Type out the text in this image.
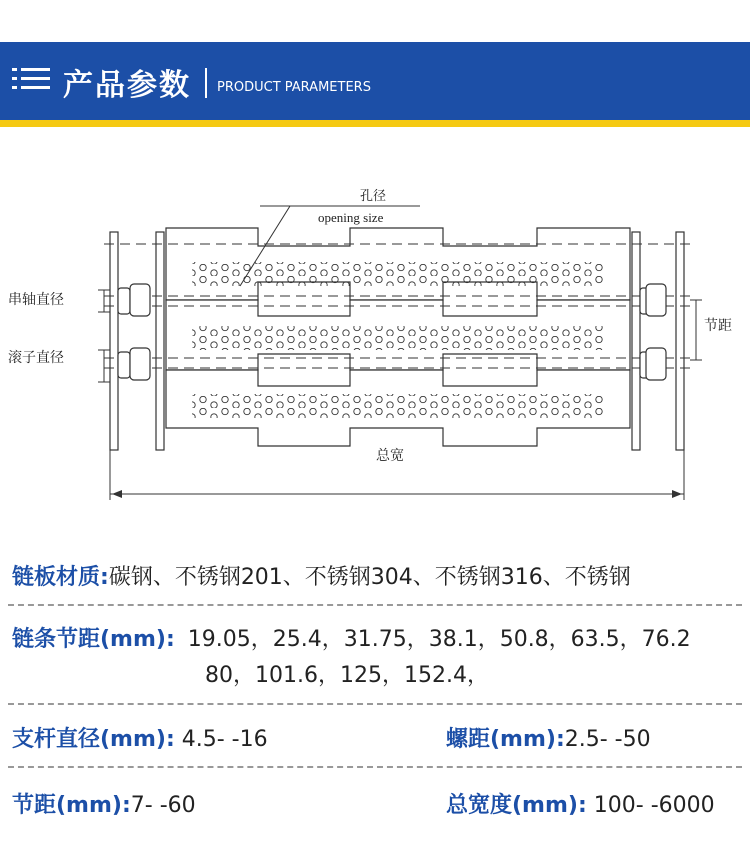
产品参数 PRODUCT PARAMETERS
孔径
opening size
串轴直径
滚子直径
节距
总宽
链板材质:碳钢、不锈钢201、不锈钢304、不锈钢316、不锈钢
链条节距(mm): 19.05，25.4，31.75，38.1，50.8，63.5，76.2
80，101.6，125，152.4，
支杆直径(mm): 4.5- -16	螺距(mm):2.5- -50
节距(mm):7- -60	总宽度(mm): 100- -6000
